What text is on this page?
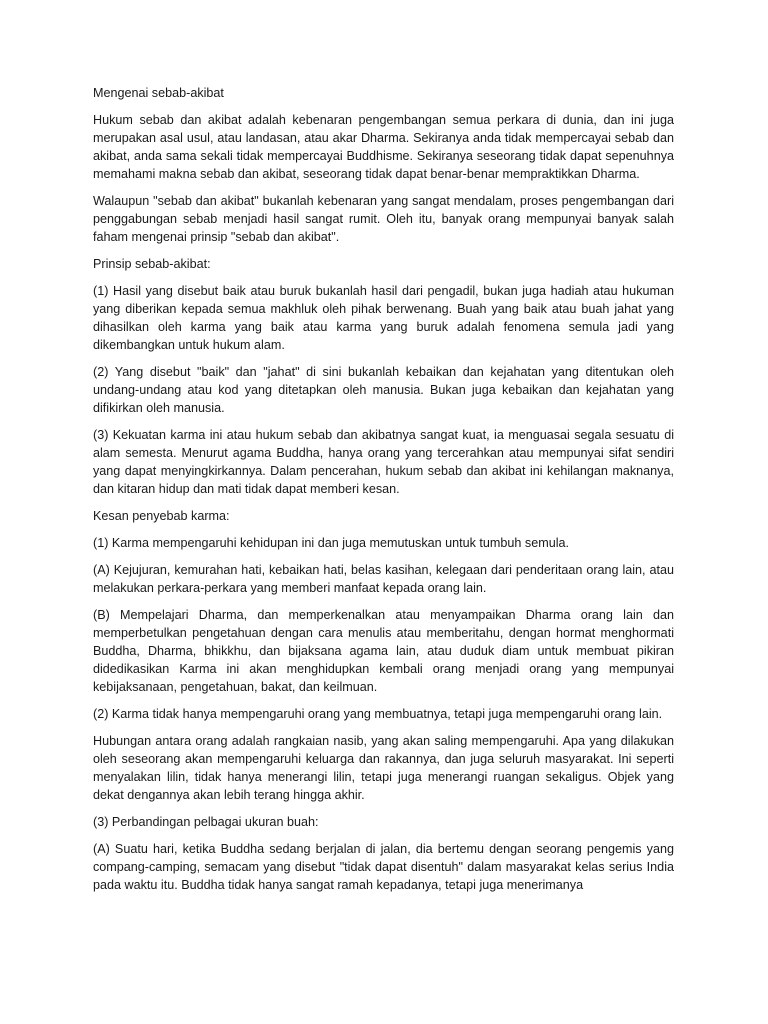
Mengenai sebab-akibat

Hukum sebab dan akibat adalah kebenaran pengembangan semua perkara di dunia, dan ini juga merupakan asal usul, atau landasan, atau akar Dharma. Sekiranya anda tidak mempercayai sebab dan akibat, anda sama sekali tidak mempercayai Buddhisme. Sekiranya seseorang tidak dapat sepenuhnya memahami makna sebab dan akibat, seseorang tidak dapat benar-benar mempraktikkan Dharma.

Walaupun "sebab dan akibat" bukanlah kebenaran yang sangat mendalam, proses pengembangan dari penggabungan sebab menjadi hasil sangat rumit. Oleh itu, banyak orang mempunyai banyak salah faham mengenai prinsip "sebab dan akibat".

Prinsip sebab-akibat:

(1) Hasil yang disebut baik atau buruk bukanlah hasil dari pengadil, bukan juga hadiah atau hukuman yang diberikan kepada semua makhluk oleh pihak berwenang. Buah yang baik atau buah jahat yang dihasilkan oleh karma yang baik atau karma yang buruk adalah fenomena semula jadi yang dikembangkan untuk hukum alam.

(2) Yang disebut "baik" dan "jahat" di sini bukanlah kebaikan dan kejahatan yang ditentukan oleh undang-undang atau kod yang ditetapkan oleh manusia. Bukan juga kebaikan dan kejahatan yang difikirkan oleh manusia.

(3) Kekuatan karma ini atau hukum sebab dan akibatnya sangat kuat, ia menguasai segala sesuatu di alam semesta. Menurut agama Buddha, hanya orang yang tercerahkan atau mempunyai sifat sendiri yang dapat menyingkirkannya. Dalam pencerahan, hukum sebab dan akibat ini kehilangan maknanya, dan kitaran hidup dan mati tidak dapat memberi kesan.

Kesan penyebab karma:

(1) Karma mempengaruhi kehidupan ini dan juga memutuskan untuk tumbuh semula.

(A) Kejujuran, kemurahan hati, kebaikan hati, belas kasihan, kelegaan dari penderitaan orang lain, atau melakukan perkara-perkara yang memberi manfaat kepada orang lain.

(B) Mempelajari Dharma, dan memperkenalkan atau menyampaikan Dharma orang lain dan memperbetulkan pengetahuan dengan cara menulis atau memberitahu, dengan hormat menghormati Buddha, Dharma, bhikkhu, dan bijaksana agama lain, atau duduk diam untuk membuat pikiran didedikasikan Karma ini akan menghidupkan kembali orang menjadi orang yang mempunyai kebijaksanaan, pengetahuan, bakat, dan keilmuan.

(2) Karma tidak hanya mempengaruhi orang yang membuatnya, tetapi juga mempengaruhi orang lain.

Hubungan antara orang adalah rangkaian nasib, yang akan saling mempengaruhi. Apa yang dilakukan oleh seseorang akan mempengaruhi keluarga dan rakannya, dan juga seluruh masyarakat. Ini seperti menyalakan lilin, tidak hanya menerangi lilin, tetapi juga menerangi ruangan sekaligus. Objek yang dekat dengannya akan lebih terang hingga akhir.

(3) Perbandingan pelbagai ukuran buah:

(A) Suatu hari, ketika Buddha sedang berjalan di jalan, dia bertemu dengan seorang pengemis yang compang-camping, semacam yang disebut "tidak dapat disentuh" dalam masyarakat kelas serius India pada waktu itu. Buddha tidak hanya sangat ramah kepadanya, tetapi juga menerimanya
